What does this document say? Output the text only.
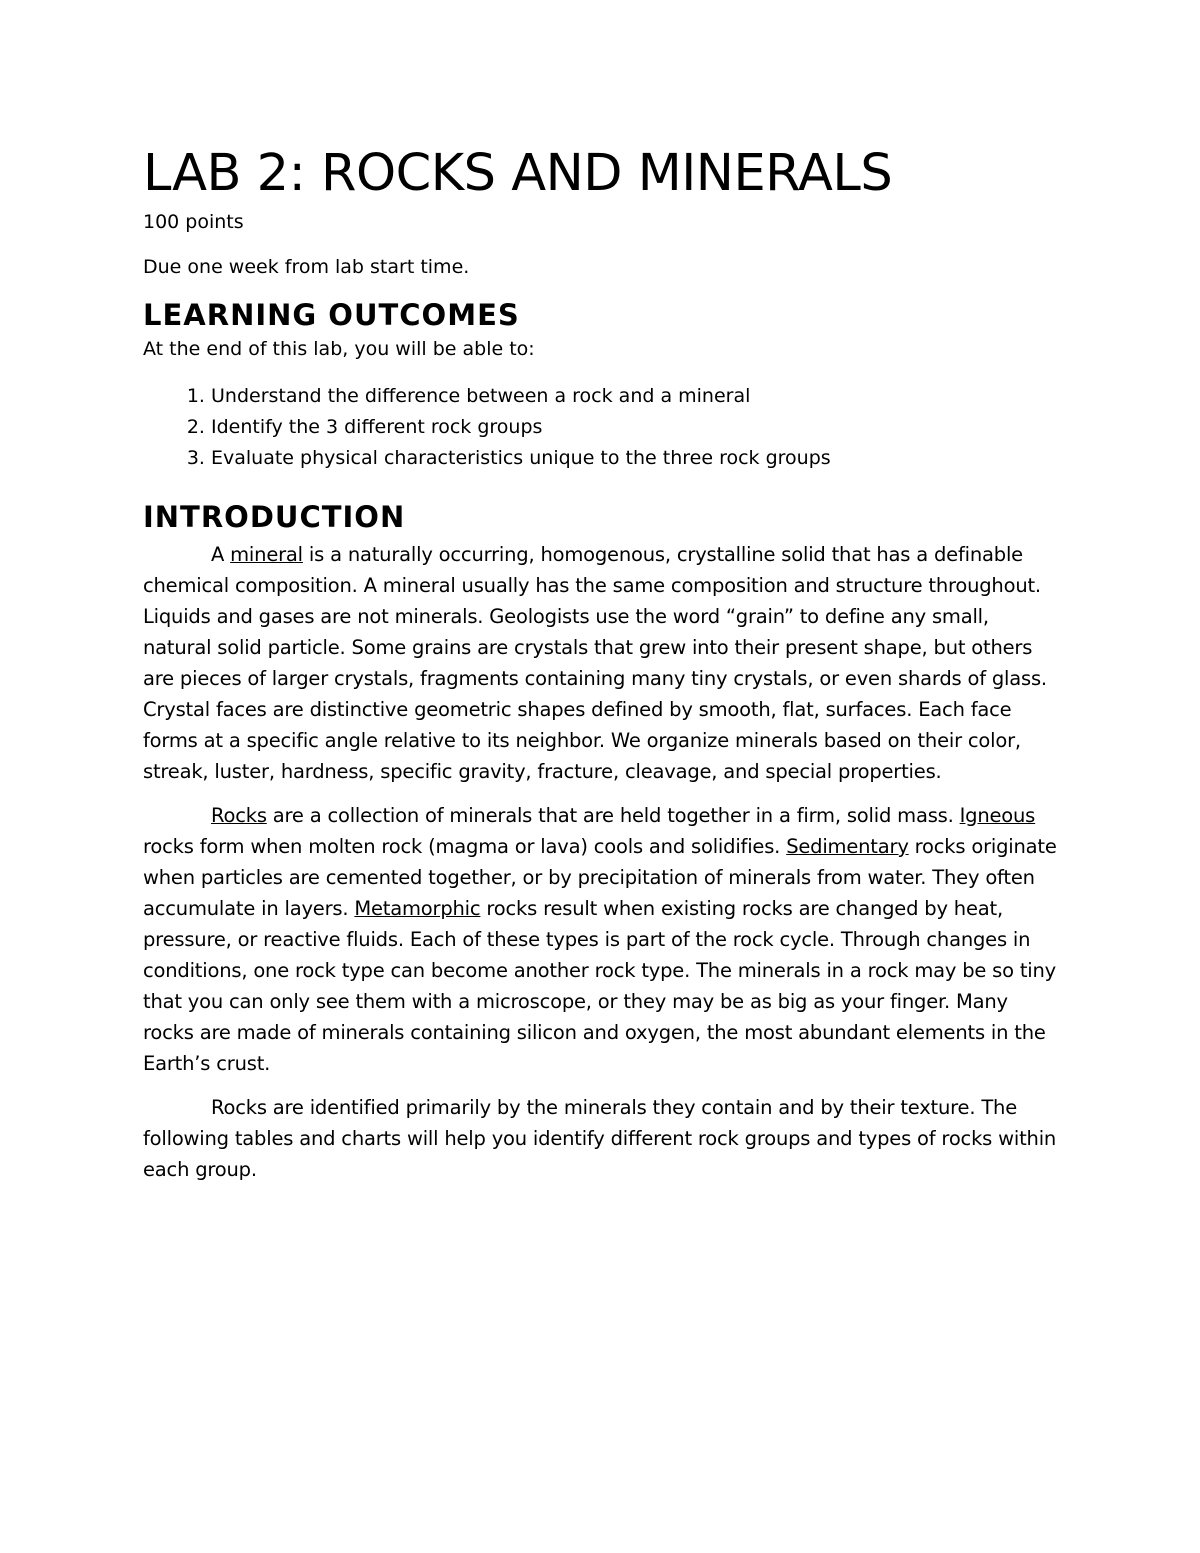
LAB 2: ROCKS AND MINERALS

100 points

Due one week from lab start time.

LEARNING OUTCOMES

At the end of this lab, you will be able to:

1. Understand the difference between a rock and a mineral
2. Identify the 3 different rock groups
3. Evaluate physical characteristics unique to the three rock groups
INTRODUCTION

A mineral is a naturally occurring, homogenous, crystalline solid that has a definable chemical composition. A mineral usually has the same composition and structure throughout. Liquids and gases are not minerals. Geologists use the word “grain” to define any small, natural solid particle. Some grains are crystals that grew into their present shape, but others are pieces of larger crystals, fragments containing many tiny crystals, or even shards of glass. Crystal faces are distinctive geometric shapes defined by smooth, flat, surfaces. Each face forms at a specific angle relative to its neighbor. We organize minerals based on their color, streak, luster, hardness, specific gravity, fracture, cleavage, and special properties.

Rocks are a collection of minerals that are held together in a firm, solid mass. Igneous rocks form when molten rock (magma or lava) cools and solidifies. Sedimentary rocks originate when particles are cemented together, or by precipitation of minerals from water. They often accumulate in layers. Metamorphic rocks result when existing rocks are changed by heat, pressure, or reactive fluids. Each of these types is part of the rock cycle. Through changes in conditions, one rock type can become another rock type. The minerals in a rock may be so tiny that you can only see them with a microscope, or they may be as big as your finger. Many rocks are made of minerals containing silicon and oxygen, the most abundant elements in the Earth’s crust.

Rocks are identified primarily by the minerals they contain and by their texture. The following tables and charts will help you identify different rock groups and types of rocks within each group.
